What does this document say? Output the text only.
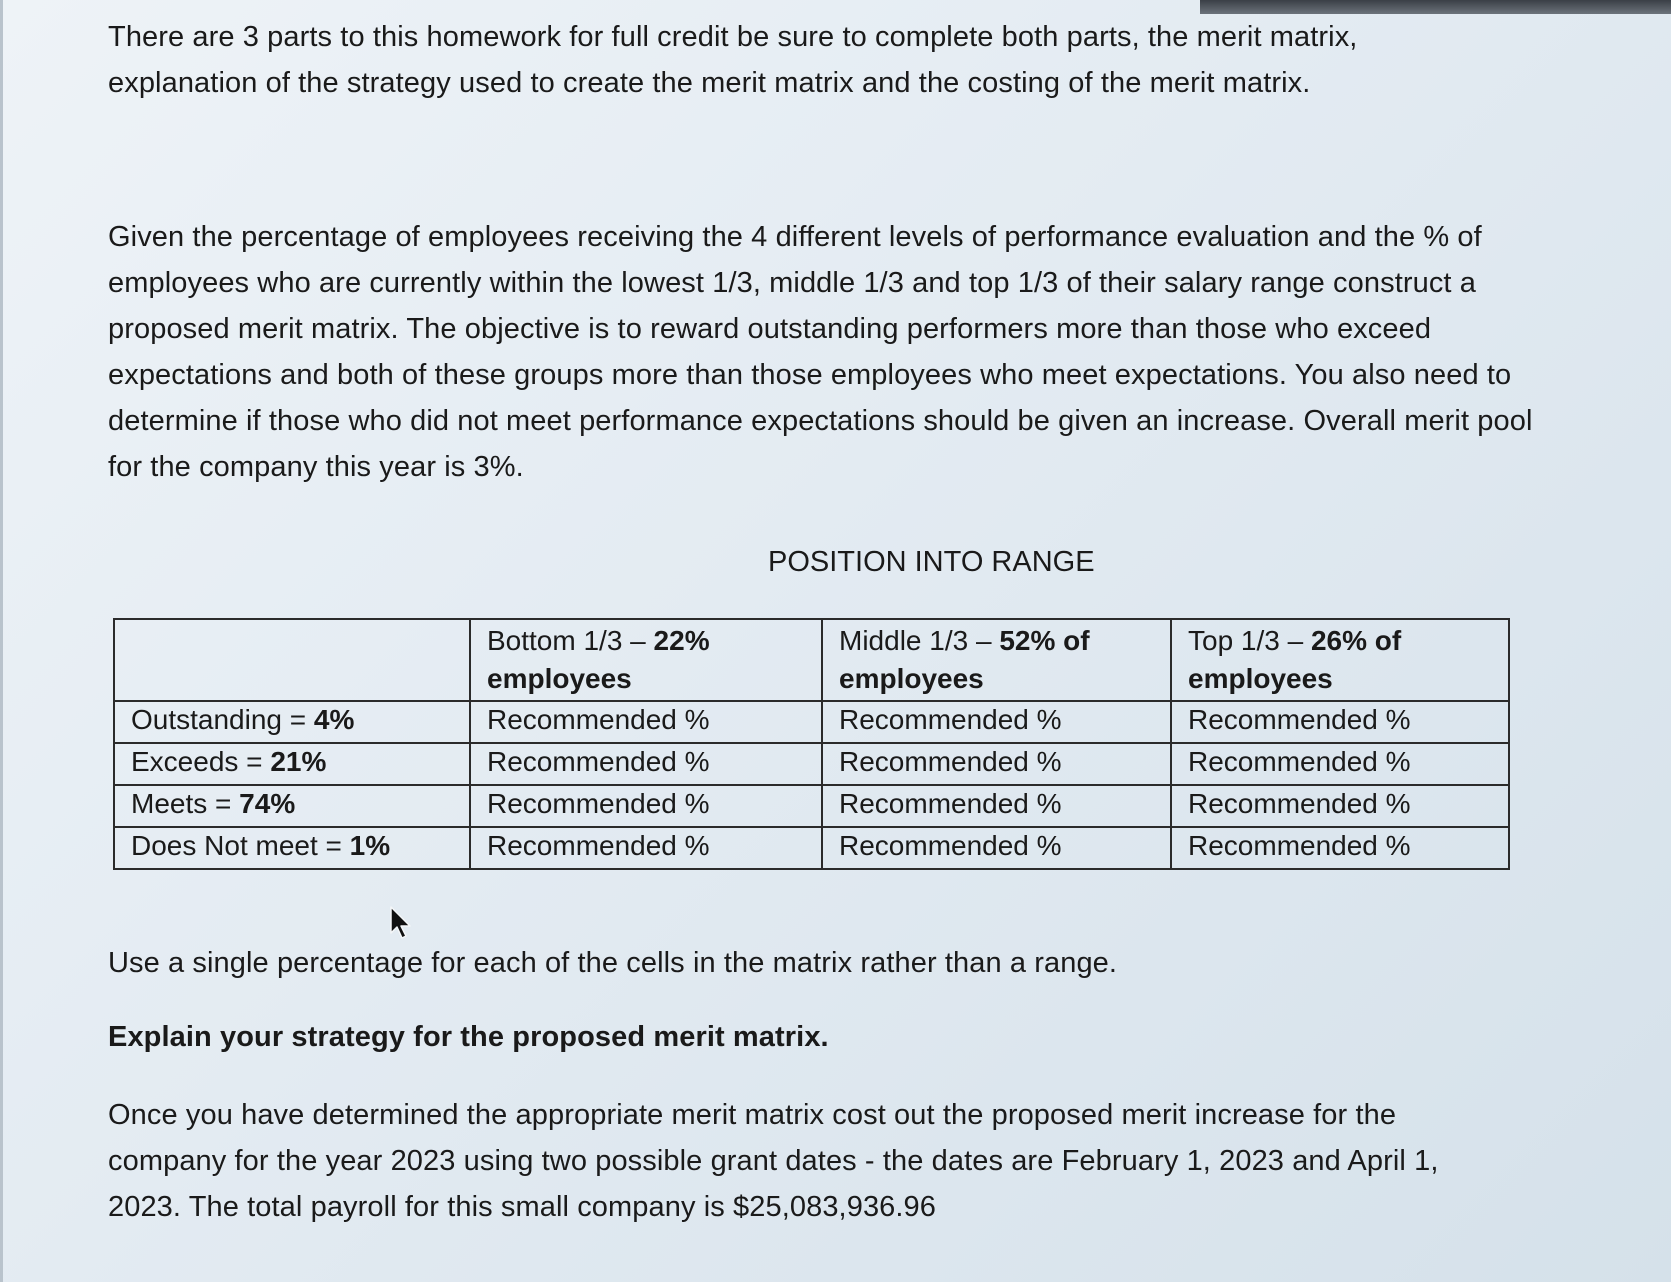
There are 3 parts to this homework for full credit be sure to complete both parts, the merit matrix, explanation of the strategy used to create the merit matrix and the costing of the merit matrix.

Given the percentage of employees receiving the 4 different levels of performance evaluation and the % of employees who are currently within the lowest 1/3, middle 1/3 and top 1/3 of their salary range construct a proposed merit matrix. The objective is to reward outstanding performers more than those who exceed expectations and both of these groups more than those employees who meet expectations. You also need to determine if those who did not meet performance expectations should be given an increase. Overall merit pool for the company this year is 3%.

POSITION INTO RANGE

	Bottom 1/3 – 22% employees	Middle 1/3 – 52% of employees	Top 1/3 – 26% of employees
Outstanding = 4%	Recommended %	Recommended %	Recommended %
Exceeds = 21%	Recommended %	Recommended %	Recommended %
Meets = 74%	Recommended %	Recommended %	Recommended %
Does Not meet = 1%	Recommended %	Recommended %	Recommended %

Use a single percentage for each of the cells in the matrix rather than a range.

Explain your strategy for the proposed merit matrix.

Once you have determined the appropriate merit matrix cost out the proposed merit increase for the company for the year 2023 using two possible grant dates - the dates are February 1, 2023 and April 1, 2023. The total payroll for this small company is $25,083,936.96
